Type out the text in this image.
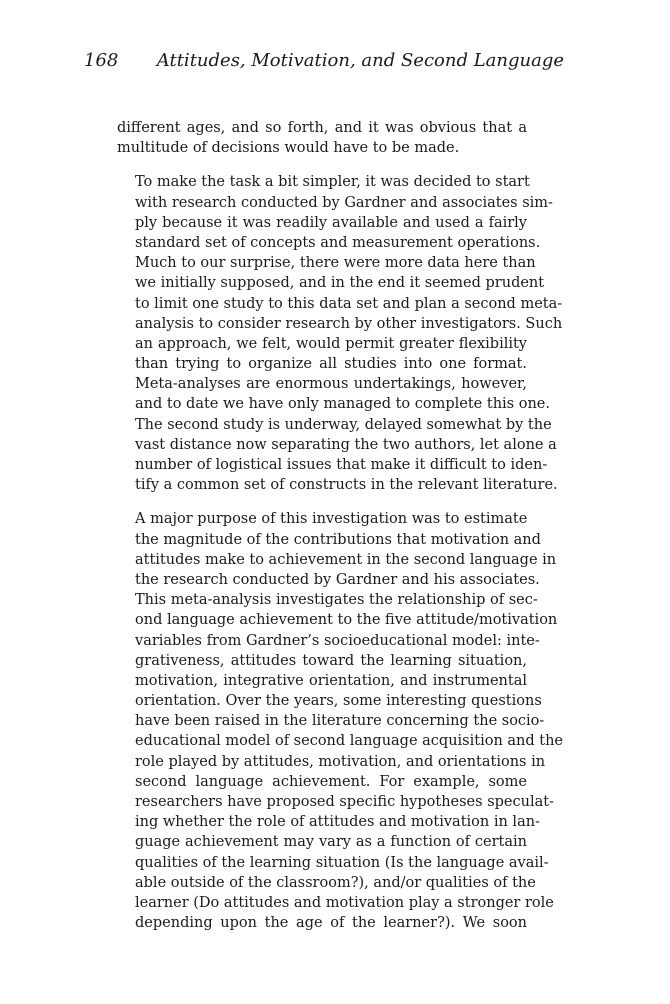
168 Attitudes, Motivation, and Second Language
different ages, and so forth, and it was obvious that a
multitude of decisions would have to be made.
To make the task a bit simpler, it was decided to start
with research conducted by Gardner and associates sim-
ply because it was readily available and used a fairly
standard set of concepts and measurement operations.
Much to our surprise, there were more data here than
we initially supposed, and in the end it seemed prudent
to limit one study to this data set and plan a second meta-
analysis to consider research by other investigators. Such
an approach, we felt, would permit greater flexibility
than trying to organize all studies into one format.
Meta-analyses are enormous undertakings, however,
and to date we have only managed to complete this one.
The second study is underway, delayed somewhat by the
vast distance now separating the two authors, let alone a
number of logistical issues that make it difficult to iden-
tify a common set of constructs in the relevant literature.
A major purpose of this investigation was to estimate
the magnitude of the contributions that motivation and
attitudes make to achievement in the second language in
the research conducted by Gardner and his associates.
This meta-analysis investigates the relationship of sec-
ond language achievement to the five attitude/motivation
variables from Gardner’s socioeducational model: inte-
grativeness, attitudes toward the learning situation,
motivation, integrative orientation, and instrumental
orientation. Over the years, some interesting questions
have been raised in the literature concerning the socio-
educational model of second language acquisition and the
role played by attitudes, motivation, and orientations in
second language achievement. For example, some
researchers have proposed specific hypotheses speculat-
ing whether the role of attitudes and motivation in lan-
guage achievement may vary as a function of certain
qualities of the learning situation (Is the language avail-
able outside of the classroom?), and/or qualities of the
learner (Do attitudes and motivation play a stronger role
depending upon the age of the learner?). We soon
